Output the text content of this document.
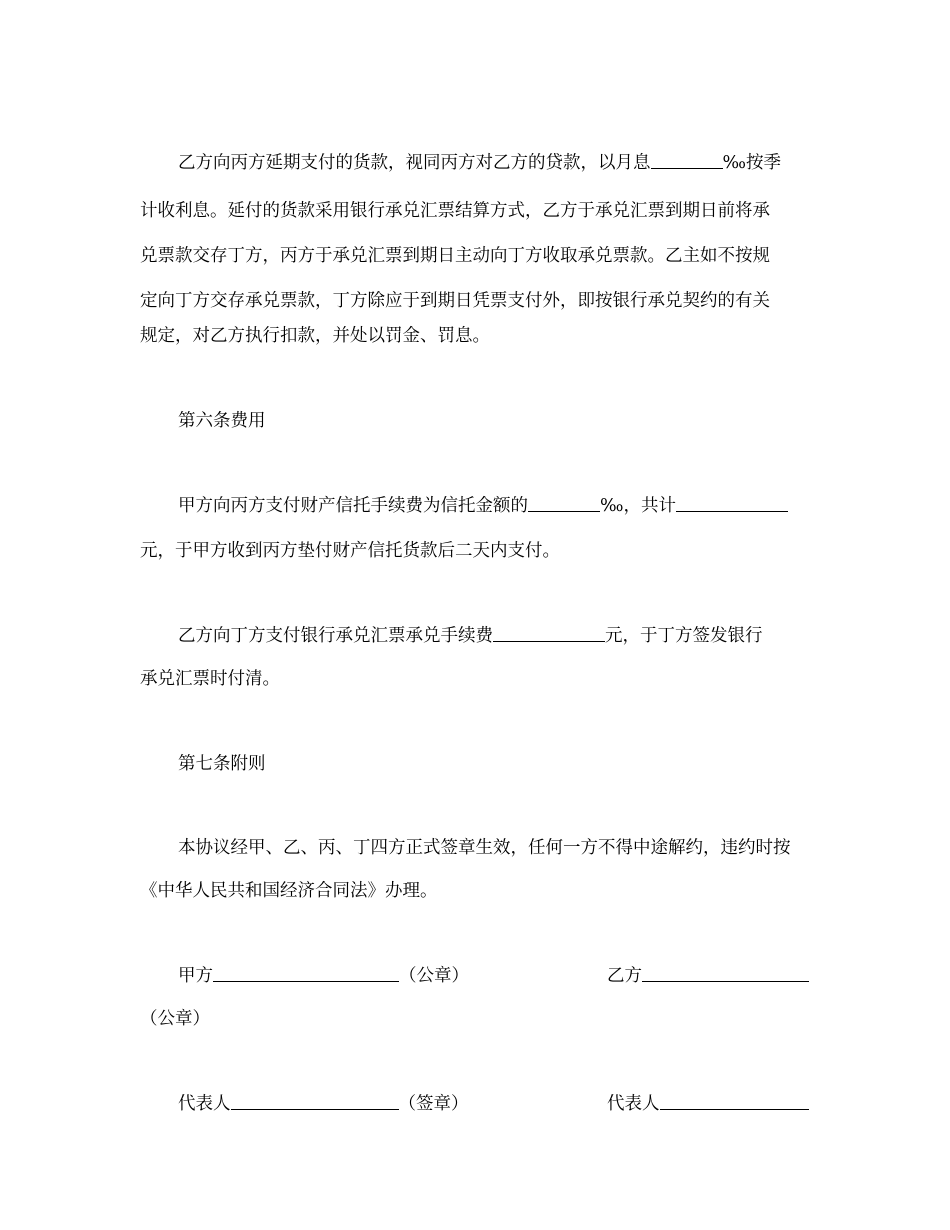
乙方向丙方延期支付的货款，视同丙方对乙方的贷款，以月息	‰按季
计收利息。延付的货款采用银行承兑汇票结算方式，乙方于承兑汇票到期日前将承
兑票款交存丁方，丙方于承兑汇票到期日主动向丁方收取承兑票款。乙主如不按规
定向丁方交存承兑票款，丁方除应于到期日凭票支付外，即按银行承兑契约的有关
规定，对乙方执行扣款，并处以罚金、罚息。
第六条费用
甲方向丙方支付财产信托手续费为信托金额的	‰，共计
元，于甲方收到丙方垫付财产信托货款后二天内支付。
乙方向丁方支付银行承兑汇票承兑手续费	元，于丁方签发银行
承兑汇票时付清。
第七条附则
本协议经甲、乙、丙、丁四方正式签章生效，任何一方不得中途解约，违约时按
《中华人民共和国经济合同法》办理。
甲方	（公章）	乙方
（公章）
代表人	（签章）	代表人
